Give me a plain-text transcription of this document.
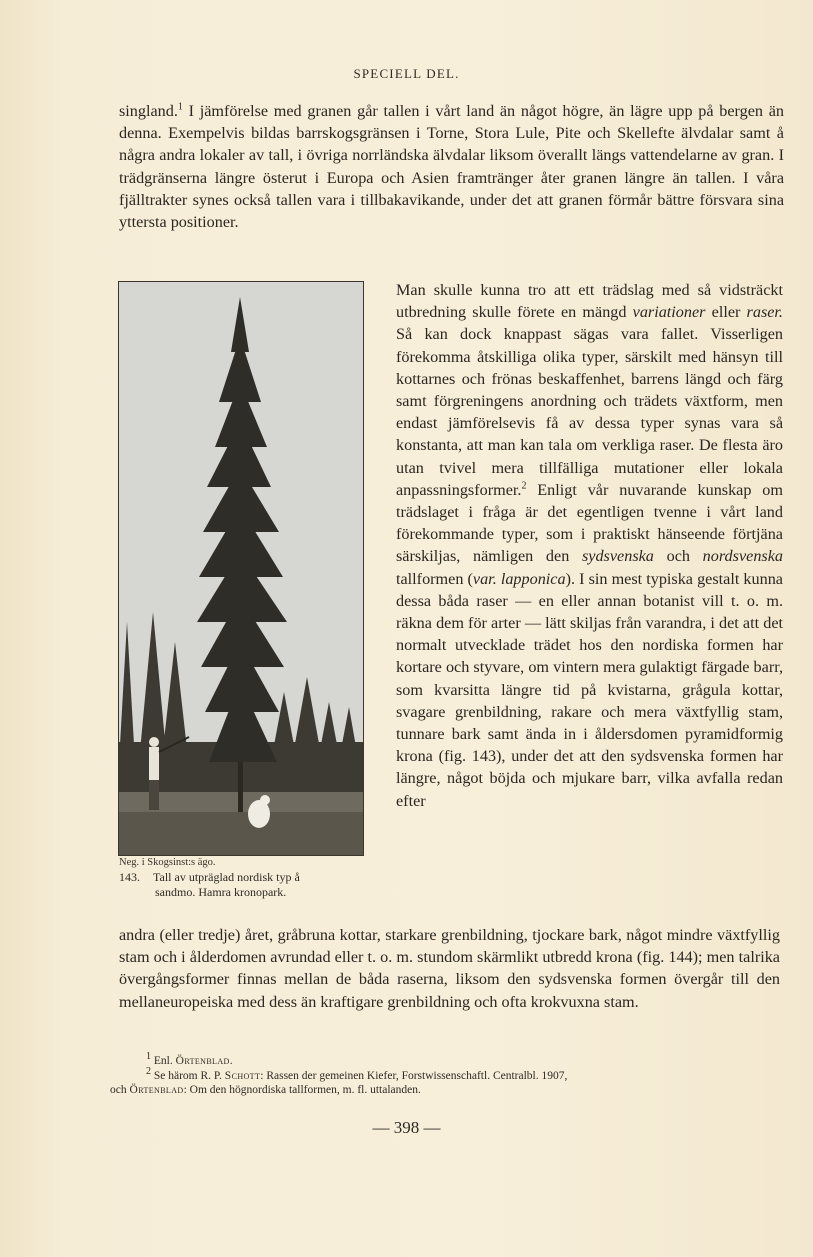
SPECIELL DEL.

singland.$^1$ I jämförelse med granen går tallen i vårt land än något högre, än lägre upp på bergen än denna. Exempelvis bildas barrskogsgränsen i Torne, Stora Lule, Pite och Skellefte älvdalar samt å några andra lokaler av tall, i övriga norrländska älvdalar liksom överallt längs vattendelarne av gran. I trädgränserna längre österut i Europa och Asien framtränger åter granen längre än tallen. I våra fjälltrakter synes också tallen vara i tillbakavikande, under det att granen förmår bättre försvara sina yttersta positioner.

Neg. i Skogsinst:s ägo.
143. Tall av utpräglad nordisk typ å
sandmo. Hamra kronopark.

Man skulle kunna tro att ett trädslag med så vidsträckt utbredning skulle förete en mängd variationer eller raser. Så kan dock knappast sägas vara fallet. Visserligen förekomma åtskilliga olika typer, särskilt med hänsyn till kottarnes och frönas beskaffenhet, barrens längd och färg samt förgreningens anordning och trädets växtform, men endast jämförelsevis få av dessa typer synas vara så konstanta, att man kan tala om verkliga raser. De flesta äro utan tvivel mera tillfälliga mutationer eller lokala anpassningsformer.$^2$ Enligt vår nuvarande kunskap om trädslaget i fråga är det egentligen tvenne i vårt land förekommande typer, som i praktiskt hänseende förtjäna särskiljas, nämligen den sydsvenska och nordsvenska tallformen (var. lapponica). I sin mest typiska gestalt kunna dessa båda raser — en eller annan botanist vill t. o. m. räkna dem för arter — lätt skiljas från varandra, i det att det normalt utvecklade trädet hos den nordiska formen har kortare och styvare, om vintern mera gulaktigt färgade barr, som kvarsitta längre tid på kvistarna, grågula kottar, svagare grenbildning, rakare och mera växtfyllig stam, tunnare bark samt ända in i åldersdomen pyramidformig krona (fig. 143), under det att den sydsvenska formen har längre, något böjda och mjukare barr, vilka avfalla redan efter

andra (eller tredje) året, gråbruna kottar, starkare grenbildning, tjockare bark, något mindre växtfyllig stam och i ålderdomen avrundad eller t. o. m. stundom skärmlikt utbredd krona (fig. 144); men talrika övergångsformer finnas mellan de båda raserna, liksom den sydsvenska formen övergår till den mellaneuropeiska med dess än kraftigare grenbildning och ofta krokvuxna stam.

1 Enl. Örtenblad.

2 Se härom R. P. Schott: Rassen der gemeinen Kiefer, Forstwissenschaftl. Centralbl. 1907,

och Örtenblad: Om den högnordiska tallformen, m. fl. uttalanden.

— 398 —
